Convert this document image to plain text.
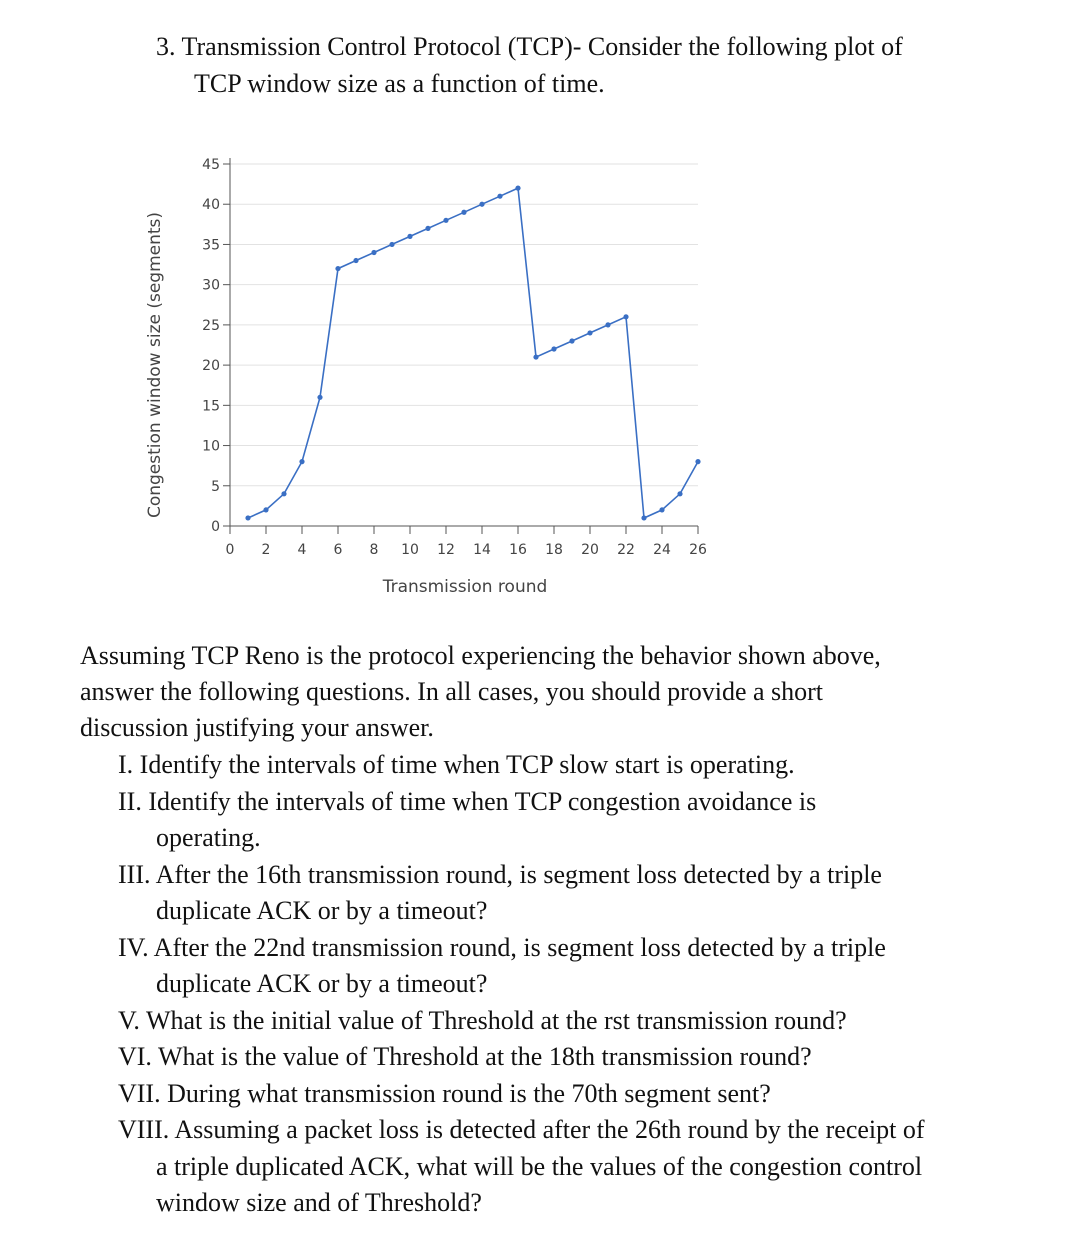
3. Transmission Control Protocol (TCP)- Consider the following plot of
TCP window size as a function of time.
0
5
10
15
20
25
30
35
40
45
0 2 4 6 8 10 12 14 16 18 20 22 24 26
Transmission round
Congestion window size (segments)
Assuming TCP Reno is the protocol experiencing the behavior shown above,
answer the following questions. In all cases, you should provide a short
discussion justifying your answer.
I. Identify the intervals of time when TCP slow start is operating.
II. Identify the intervals of time when TCP congestion avoidance is
operating.
III. After the 16th transmission round, is segment loss detected by a triple
duplicate ACK or by a timeout?
IV. After the 22nd transmission round, is segment loss detected by a triple
duplicate ACK or by a timeout?
V. What is the initial value of Threshold at the rst transmission round?
VI. What is the value of Threshold at the 18th transmission round?
VII. During what transmission round is the 70th segment sent?
VIII. Assuming a packet loss is detected after the 26th round by the receipt of
a triple duplicated ACK, what will be the values of the congestion control
window size and of Threshold?
